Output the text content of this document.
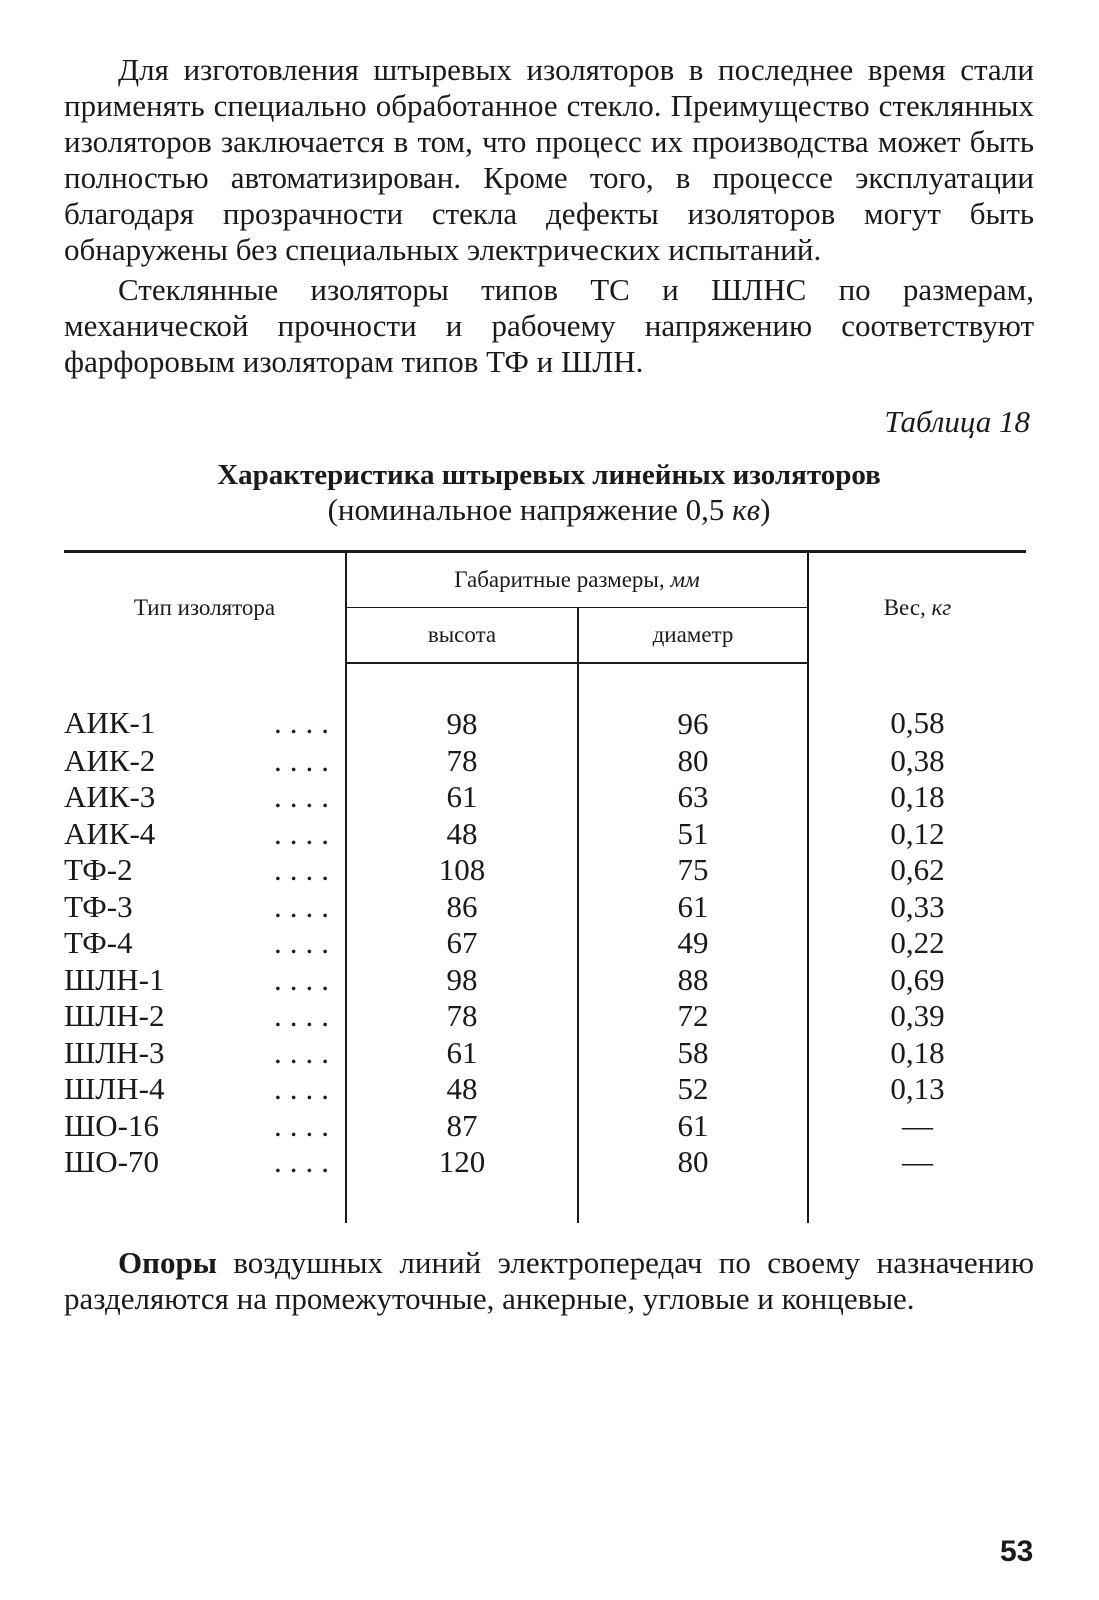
Для изготовления штыревых изоляторов в последнее время стали применять специально обработанное стекло. Преимущество стеклянных изоляторов заключается в том, что процесс их производства может быть полностью автоматизирован. Кроме того, в процессе эксплуатации благодаря прозрачности стекла дефекты изоляторов могут быть обнаружены без специальных электрических испытаний.

Стеклянные изоляторы типов ТС и ШЛНС по размерам, механической прочности и рабочему напряжению соответствуют фарфоровым изоляторам типов ТФ и ШЛН.

Таблица 18
Характеристика штыревых линейных изоляторов
(номинальное напряжение 0,5 кв)
Тип изолятора	Габаритные размеры, мм		Вес, кг
	высота	диаметр	
АИК-1 ....	98	96	0,58
АИК-2 ....	78	80	0,38
АИК-3 ....	61	63	0,18
АИК-4 ....	48	51	0,12
ТФ-2 ....	108	75	0,62
ТФ-3 ....	86	61	0,33
ТФ-4 ....	67	49	0,22
ШЛН-1 ....	98	88	0,69
ШЛН-2 ....	78	72	0,39
ШЛН-3 ....	61	58	0,18
ШЛН-4 ....	48	52	0,13
ШО-16 ....	87	61	—
ШО-70 ....	120	80	—

Опоры воздушных линий электропередач по своему назначению разделяются на промежуточные, анкерные, угловые и концевые.

53
